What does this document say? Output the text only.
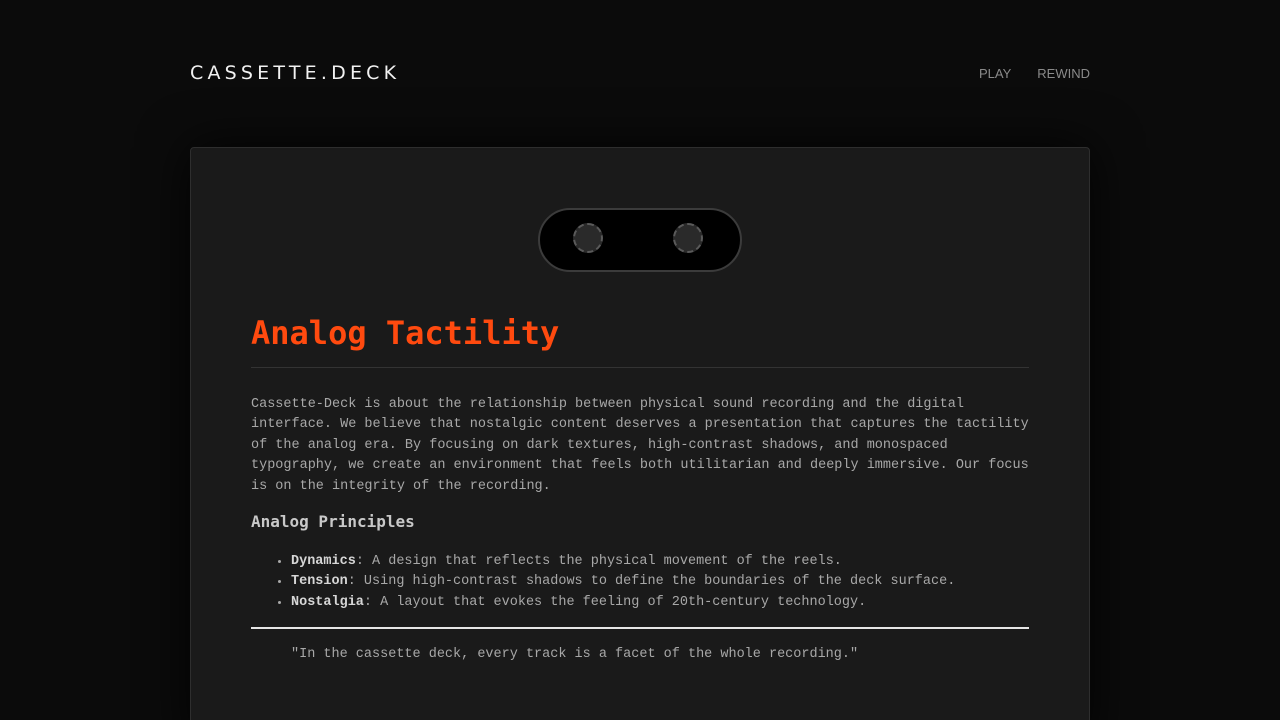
CASSETTE.DECK	PLAY REWIND
Analog Tactility

Cassette-Deck is about the relationship between physical sound recording and the digital interface. We believe that nostalgic content deserves a presentation that captures the tactility of the analog era. By focusing on dark textures, high-contrast shadows, and monospaced typography, we create an environment that feels both utilitarian and deeply immersive. Our focus is on the integrity of the recording.

Analog Principles
• Dynamics: A design that reflects the physical movement of the reels.
• Tension: Using high-contrast shadows to define the boundaries of the deck surface.
• Nostalgia: A layout that evokes the feeling of 20th-century technology.
"In the cassette deck, every track is a facet of the whole recording."
